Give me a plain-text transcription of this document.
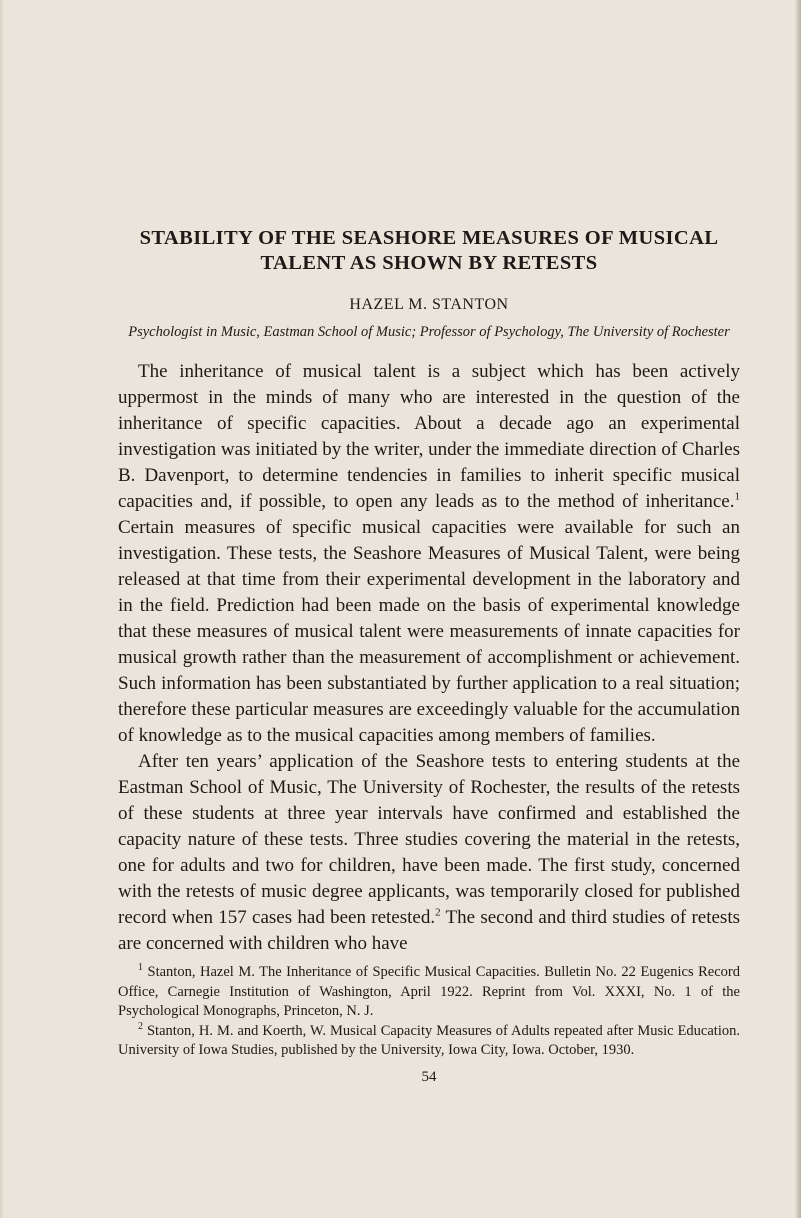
STABILITY OF THE SEASHORE MEASURES OF MUSICAL TALENT AS SHOWN BY RETESTS

HAZEL M. STANTON

Psychologist in Music, Eastman School of Music; Professor of Psychology, The University of Rochester

The inheritance of musical talent is a subject which has been actively uppermost in the minds of many who are interested in the question of the inheritance of specific capacities. About a decade ago an experimental investigation was initiated by the writer, under the immediate direction of Charles B. Davenport, to determine tendencies in families to inherit specific musical capacities and, if possible, to open any leads as to the method of inheritance.$^1$ Certain measures of specific musical capacities were available for such an investigation. These tests, the Seashore Measures of Musical Talent, were being released at that time from their experimental development in the laboratory and in the field. Prediction had been made on the basis of experimental knowledge that these measures of musical talent were measurements of innate capacities for musical growth rather than the measurement of accomplishment or achievement. Such information has been substantiated by further application to a real situation; therefore these particular measures are exceedingly valuable for the accumulation of knowledge as to the musical capacities among members of families.

After ten years’ application of the Seashore tests to entering students at the Eastman School of Music, The University of Rochester, the results of the retests of these students at three year intervals have confirmed and established the capacity nature of these tests. Three studies covering the material in the retests, one for adults and two for children, have been made. The first study, concerned with the retests of music degree applicants, was temporarily closed for published record when 157 cases had been retested.$^2$ The second and third studies of retests are concerned with children who have

$^1$ Stanton, Hazel M. The Inheritance of Specific Musical Capacities. Bulletin No. 22 Eugenics Record Office, Carnegie Institution of Washington, April 1922. Reprint from Vol. XXXI, No. 1 of the Psychological Monographs, Princeton, N. J.

$^2$ Stanton, H. M. and Koerth, W. Musical Capacity Measures of Adults repeated after Music Education. University of Iowa Studies, published by the University, Iowa City, Iowa. October, 1930.

54
